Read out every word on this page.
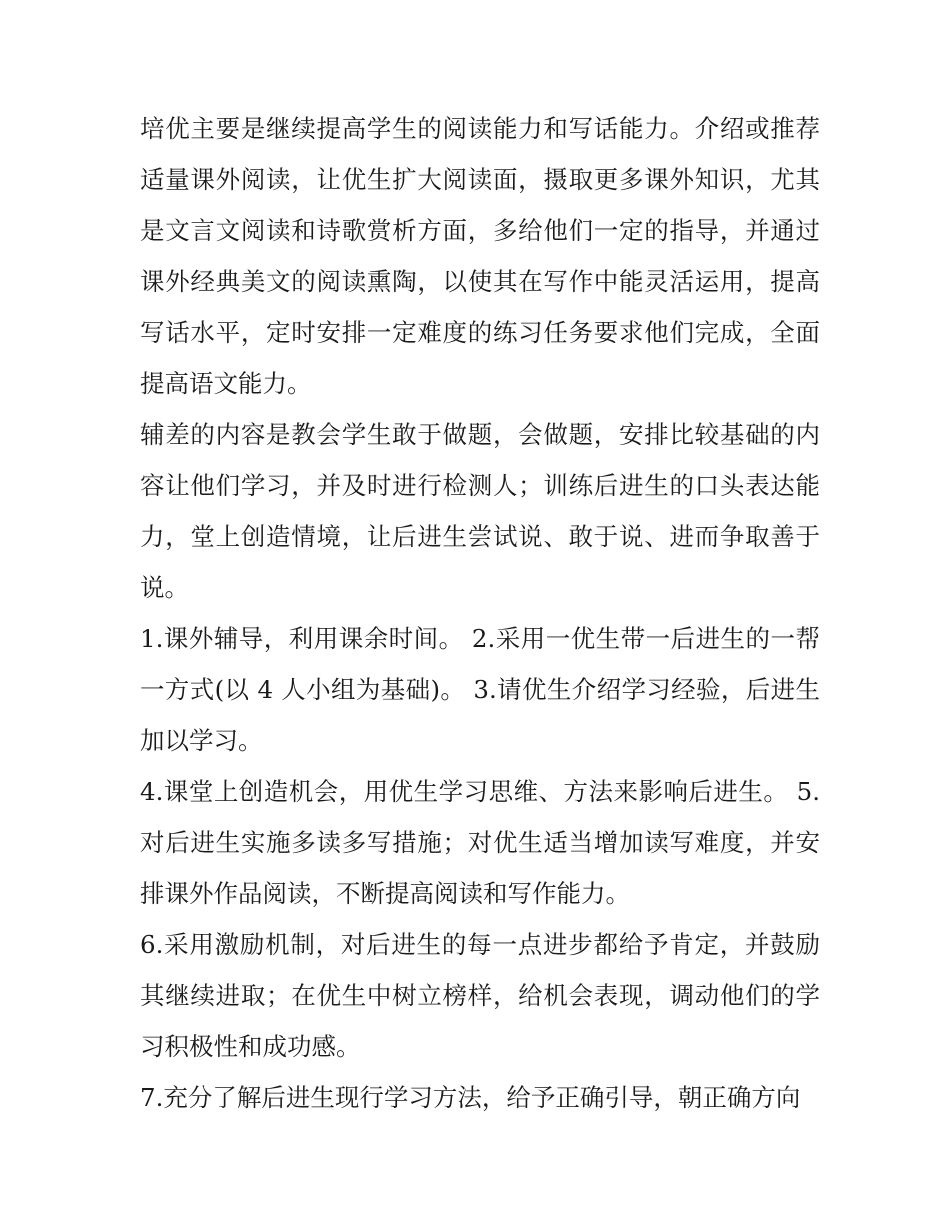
培优主要是继续提高学生的阅读能力和写话能力。介绍或推荐适量课外阅读，让优生扩大阅读面，摄取更多课外知识，尤其是文言文阅读和诗歌赏析方面，多给他们一定的指导，并通过课外经典美文的阅读熏陶，以使其在写作中能灵活运用，提高写话水平，定时安排一定难度的练习任务要求他们完成，全面提高语文能力。

辅差的内容是教会学生敢于做题，会做题，安排比较基础的内容让他们学习，并及时进行检测人；训练后进生的口头表达能力，堂上创造情境，让后进生尝试说、敢于说、进而争取善于说。

1.课外辅导，利用课余时间。 2.采用一优生带一后进生的一帮一方式(以 4 人小组为基础)。 3.请优生介绍学习经验，后进生加以学习。

4.课堂上创造机会，用优生学习思维、方法来影响后进生。 5.对后进生实施多读多写措施；对优生适当增加读写难度，并安排课外作品阅读，不断提高阅读和写作能力。

6.采用激励机制，对后进生的每一点进步都给予肯定，并鼓励其继续进取；在优生中树立榜样，给机会表现，调动他们的学习积极性和成功感。

7.充分了解后进生现行学习方法，给予正确引导，朝正确方向
